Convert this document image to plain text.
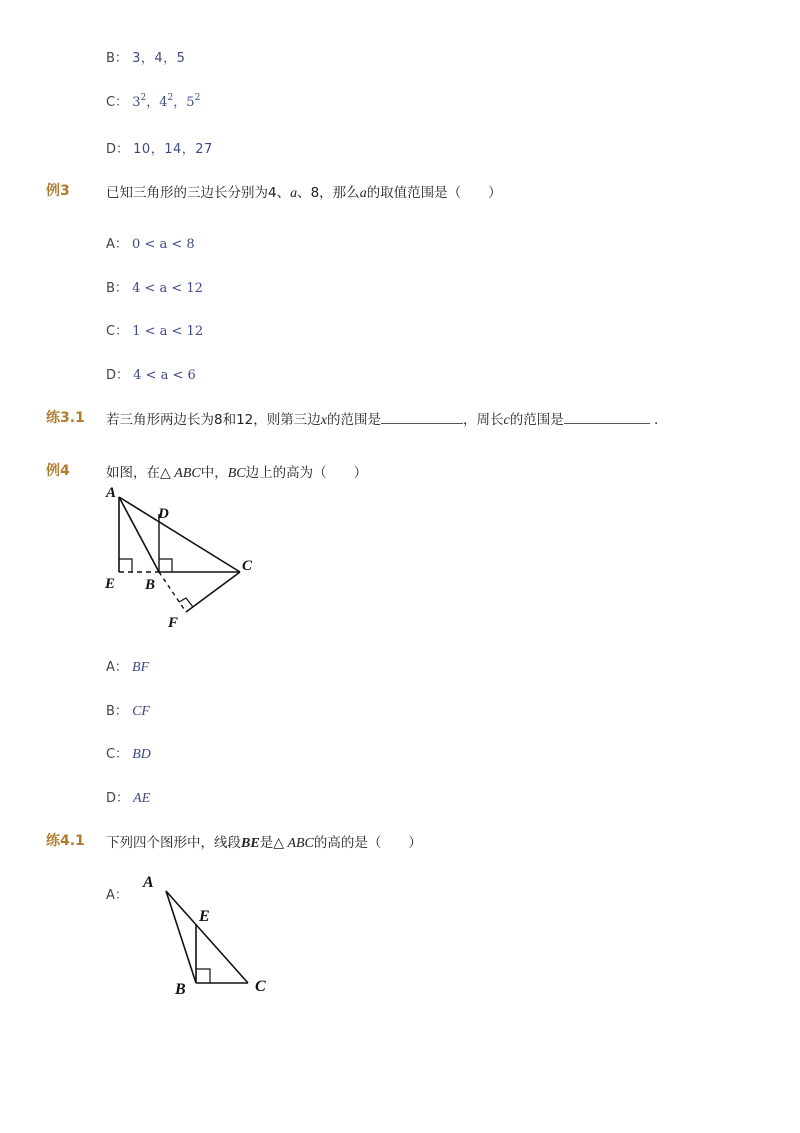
B： 3，4，5
C： $3^2$，$4^2$，$5^2$
D： 10，14，27
例3	已知三角形的三边长分别为4、a、8，那么a的取值范围是（　　）
A： 0 < a < 8
B： 4 < a < 12
C： 1 < a < 12
D： 4 < a < 6
练3.1 若三角形两边长为8和12，则第三边x的范围是	，周长c的范围是	.
例4	如图，在△ ABC中，BC边上的高为（　　）
A
D
C
E B
F
A： BF
B： CF
C： BD
D： AE
练4.1 下列四个图形中，线段BE是△ ABC的高的是（　　）
A：
A
E
B	C
